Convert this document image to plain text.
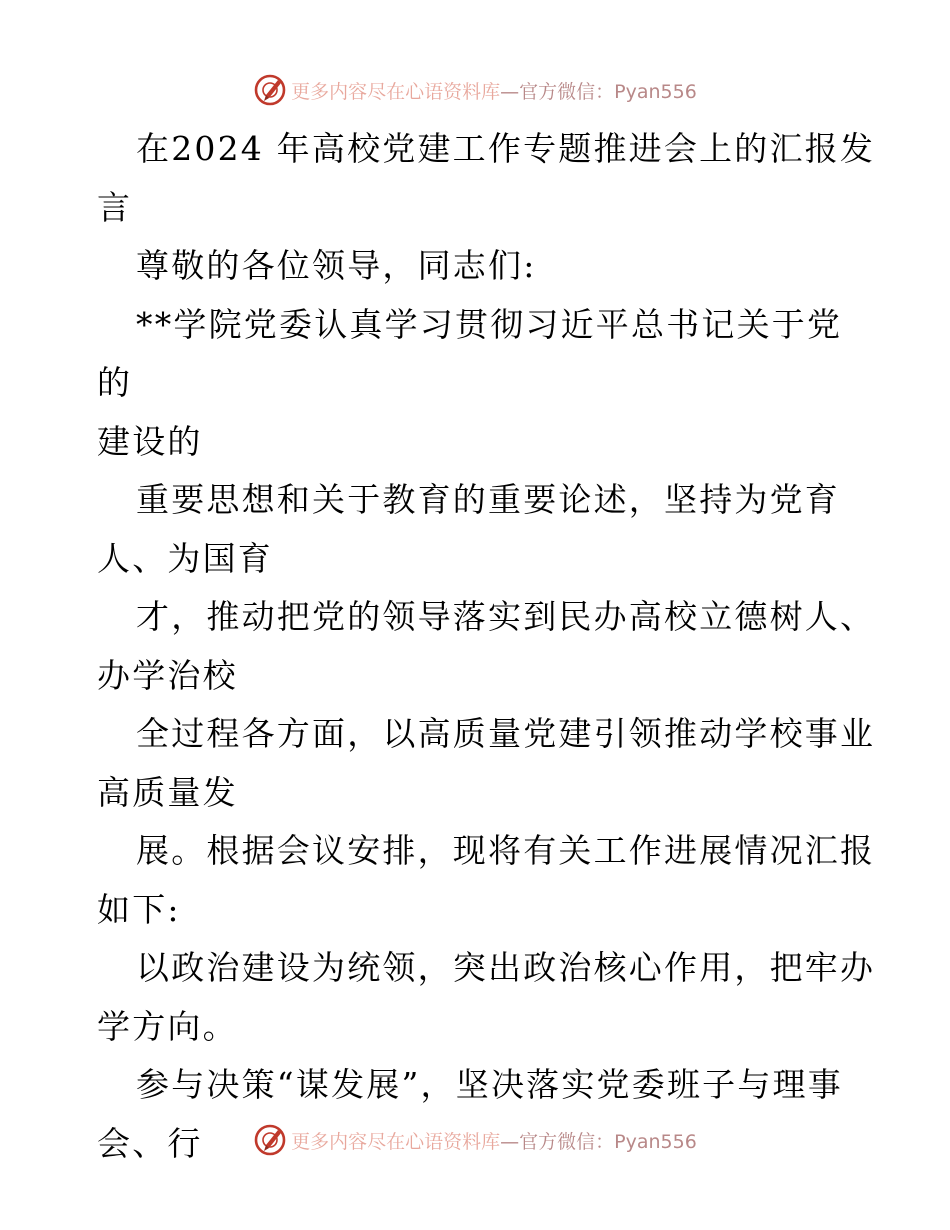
更多内容尽在心语资料库 —官方微信：Pyan556

在2024 年高校党建工作专题推进会上的汇报发

言

尊敬的各位领导，同志们:

**学院党委认真学习贯彻习近平总书记关于党的

建设的

重要思想和关于教育的重要论述，坚持为党育

人、为国育

才，推动把党的领导落实到民办高校立德树人、

办学治校

全过程各方面，以高质量党建引领推动学校事业

高质量发

展。根据会议安排，现将有关工作进展情况汇报

如下:

以政治建设为统领，突出政治核心作用，把牢办

学方向。

参与决策“谋发展”，坚决落实党委班子与理事

会、行	更多内容尽在心语资料库 —官方微信：Pyan556
